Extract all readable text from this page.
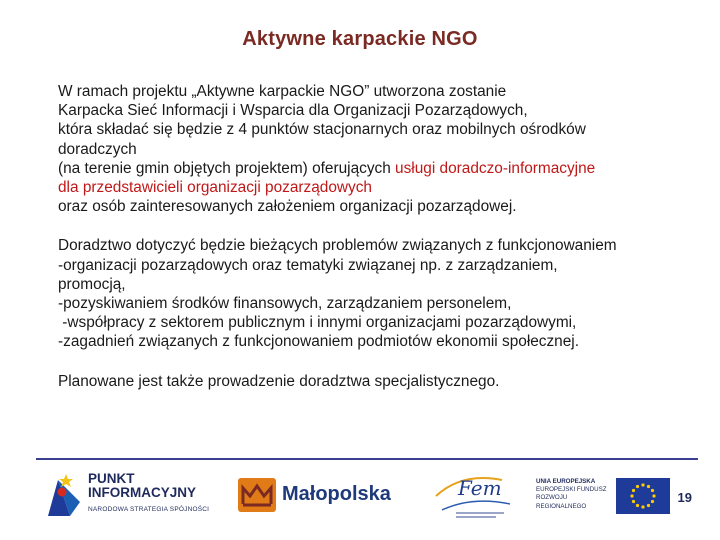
Aktywne karpackie NGO

W ramach projektu „Aktywne karpackie NGO” utworzona zostanie
Karpacka Sieć Informacji i Wsparcia dla Organizacji Pozarządowych,
która składać się będzie z 4 punktów stacjonarnych oraz mobilnych ośrodków
doradczych
(na terenie gmin objętych projektem) oferujących usługi doradczo-informacyjne
dla przedstawicieli organizacji pozarządowych
oraz osób zainteresowanych założeniem organizacji pozarządowej.

Doradztwo dotyczyć będzie bieżących problemów związanych z funkcjonowaniem
-organizacji pozarządowych oraz tematyki związanej np. z zarządzaniem,
promocją,
-pozyskiwaniem środków finansowych, zarządzaniem personelem,
-współpracy z sektorem publicznym i innymi organizacjami pozarządowymi,
-zagadnień związanych z funkcjonowaniem podmiotów ekonomii społecznej.

Planowane jest także prowadzenie doradztwa specjalistycznego.

PUNKT
INFORMACYJNY
NARODOWA STRATEGIA SPÓJNOŚCI
Małopolska	Fem	UNIA EUROPEJSKA
EUROPEJSKI FUNDUSZ
ROZWOJU REGIONALNEGO
19
